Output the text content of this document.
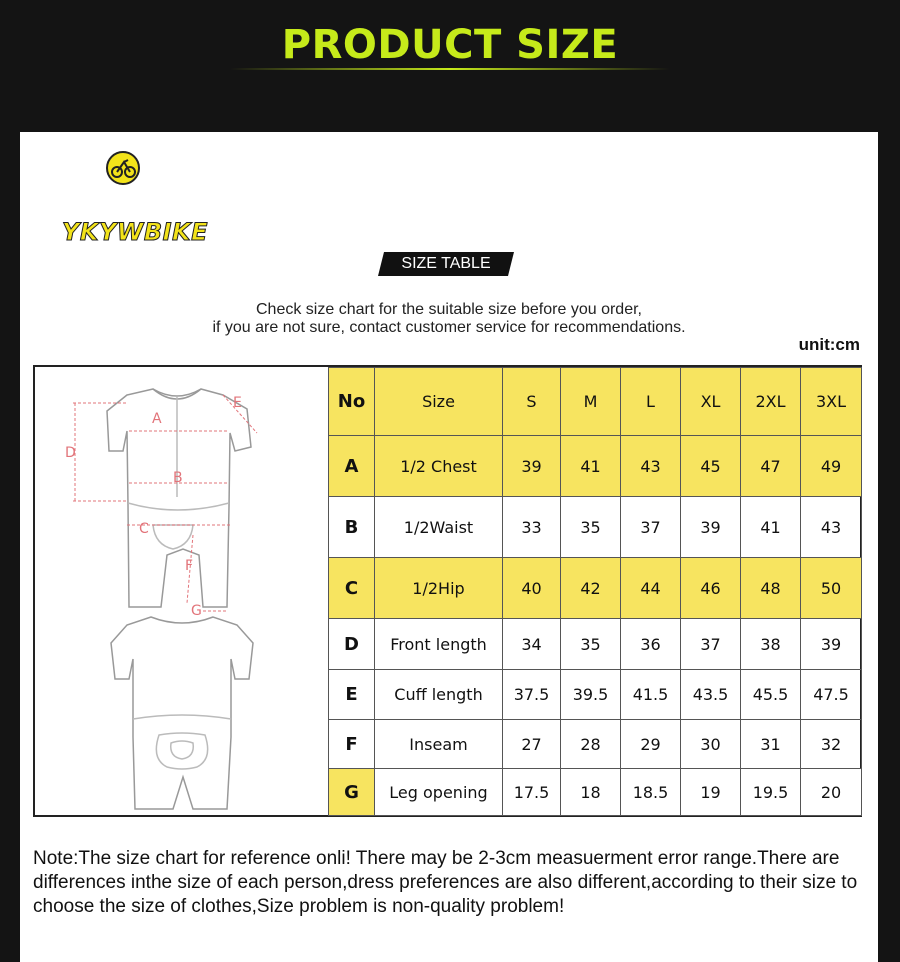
PRODUCT SIZE
YKYWBIKE
SIZE TABLE
Check size chart for the suitable size before you order,
if you are not sure, contact customer service for recommendations.
unit:cm
A
B
C
D
E
F
G
No	Size	S	M	L	XL	2XL	3XL
A	1/2 Chest	39	41	43	45	47	49
B	1/2Waist	33	35	37	39	41	43
C	1/2Hip	40	42	44	46	48	50
D	Front length	34	35	36	37	38	39
E	Cuff length	37.5	39.5	41.5	43.5	45.5	47.5
F	Inseam	27	28	29	30	31	32
G	Leg opening	17.5	18	18.5	19	19.5	20
Note:The size chart for reference onli! There may be 2-3cm measuerment error range.There are differences inthe size of each person,dress preferences are also different,according to their size to choose the size of clothes,Size problem is non-quality problem!
